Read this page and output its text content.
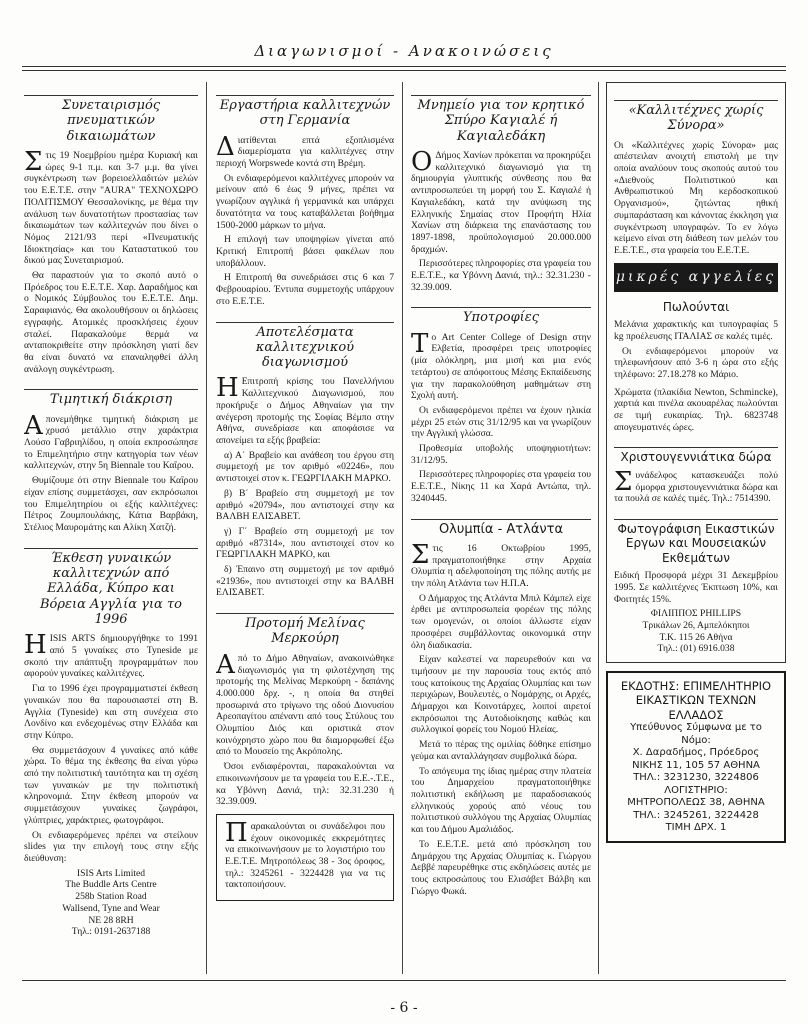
Διαγωνισμοί - Ανακοινώσεις
Συνεταιρισμός πνευματικών δικαιωμάτων

Στις 19 Νοεμβρίου ημέρα Κυριακή και ώρες 9-1 π.μ. και 3-7 μ.μ. θα γίνει συγκέντρωση των βορειοελλαδιτών μελών του Ε.Ε.Τ.Ε. στην "AURA" ΤΕΧΝΟΧΩΡΟ ΠΟΛΙΤΙΣΜΟΥ Θεσσαλονίκης, με θέμα την ανάλυση των δυνατοτήτων προστασίας των δικαιωμάτων των καλλιτεχνών που δίνει ο Νόμος 2121/93 περί «Πνευματικής Ιδιοκτησίας» και του Καταστατικού του δικού μας Συνεταιρισμού.

Θα παραστούν για το σκοπό αυτό ο Πρόεδρος του Ε.Ε.Τ.Ε. Χαρ. Δαραδήμος και ο Νομικός Σύμβουλος του Ε.Ε.Τ.Ε. Δημ. Σαραφιανός. Θα ακολουθήσουν οι δηλώσεις εγγραφής. Ατομικές προσκλήσεις έχουν σταλεί. Παρακαλούμε θερμά να ανταποκριθείτε στην πρόσκληση γιατί δεν θα είναι δυνατό να επαναληφθεί άλλη ανάλογη συγκέντρωση.

Τιμητική διάκριση

Απονεμήθηκε τιμητική διάκριση με χρυσό μετάλλιο στην χαράκτρια Λούσο Γαβριηλίδου, η οποία εκπροσώπησε το Επιμελητήριο στην κατηγορία των νέων καλλιτεχνών, στην 5η Biennale του Καΐρου.

Θυμίζουμε ότι στην Biennale του Καΐρου είχαν επίσης συμμετάσχει, σαν εκπρόσωποι του Επιμελητηρίου οι εξής καλλιτέχνες: Πέτρος Ζουμπουλάκης, Κάτια Βαρβάκη, Στέλιος Μαυρομάτης και Αλίκη Χατζή.

Έκθεση γυναικών καλλιτεχνών από Ελλάδα, Κύπρο και Βόρεια Αγγλία για το 1996

ΗISIS ARTS δημιουργήθηκε το 1991 από 5 γυναίκες στο Tyneside με σκοπό την απάπτυξη προγραμμάτων που αφορούν γυναίκες καλλιτέχνες.

Για το 1996 έχει προγραμματιστεί έκθεση γυναικών που θα παρουσιαστεί στη Β. Αγγλία (Tyneside) και στη συνέχεια στο Λονδίνο και ενδεχομένως στην Ελλάδα και στην Κύπρο.

Θα συμμετάσχουν 4 γυναίκες από κάθε χώρα. Το θέμα της έκθεσης θα είναι γύρω από την πολιτιστική ταυτότητα και τη σχέση των γυναικών με την πολιτιστική κληρονομιά. Στην έκθεση μπορούν να συμμετάσχουν γυναίκες ζωγράφοι, γλύπτριες, χαράκτριες, φωτογράφοι.

Οι ενδιαφερόμενες πρέπει να στείλουν slides για την επιλογή τους στην εξής διεύθυνση:

ISIS Arts Limited
The Buddle Arts Centre
258b Station Road
Wallsend, Tyne and Wear
NE 28 8RH
Τηλ.: 0191-2637188
Εργαστήρια καλλιτεχνών στη Γερμανία

Διατίθενται επτά εξοπλισμένα διαμερίσματα για καλλιτέχνες στην περιοχή Worpswede κοντά στη Βρέμη.

Οι ενδιαφερόμενοι καλλιτέχνες μπορούν να μείνουν από 6 έως 9 μήνες, πρέπει να γνωρίζουν αγγλικά ή γερμανικά και υπάρχει δυνατότητα να τους καταβάλλεται βοήθημα 1500-2000 μάρκων το μήνα.

Η επιλογή των υποψηφίων γίνεται από Κριτική Επιτροπή βάσει φακέλων που υποβάλλουν.

Η Επιτροπή θα συνεδριάσει στις 6 και 7 Φεβρουαρίου. Έντυπα συμμετοχής υπάρχουν στο Ε.Ε.Τ.Ε.

Αποτελέσματα καλλιτεχνικού διαγωνισμού

Η Επιτροπή κρίσης του Πανελλήνιου Καλλιτεχνικού Διαγωνισμού, που προκήρυξε ο Δήμος Αθηναίων για την ανέγερση προτομής της Σοφίας Βέμπο στην Αθήνα, συνεδρίασε και αποφάσισε να απονείμει τα εξής βραβεία:

α) Α΄ Βραβείο και ανάθεση του έργου στη συμμετοχή με τον αριθμό «02246», που αντιστοιχεί στον κ. ΓΕΩΡΓΙΛΑΚΗ ΜΑΡΚΟ.

β) Β΄ Βραβείο στη συμμετοχή με τον αριθμό «20794», που αντιστοιχεί στην κα ΒΑΛΒΗ ΕΛΙΣΑΒΕΤ.

γ) Γ΄ Βραβείο στη συμμετοχή με τον αριθμό «87314», που αντιστοιχεί στον κο ΓΕΩΡΓΙΛΑΚΗ ΜΑΡΚΟ, και

δ) Έπαινο στη συμμετοχή με τον αριθμό «21936», που αντιστοιχεί στην κα ΒΑΛΒΗ ΕΛΙΣΑΒΕΤ.

Προτομή Μελίνας Μερκούρη

Από το Δήμο Αθηναίων, ανακοινώθηκε διαγωνισμός για τη φιλοτέχνηση της προτομής της Μελίνας Μερκούρη - δαπάνης 4.000.000 δρχ. -, η οποία θα στηθεί προσωρινά στο τρίγωνο της οδού Διονυσίου Αρεοπαγίτου απέναντι από τους Στύλους του Ολυμπίου Διός και οριστικά στον κοινόχρηστο χώρο που θα διαμορφωθεί έξω από το Μουσείο της Ακρόπολης.

Όσοι ενδιαφέρονται, παρακαλούνται να επικοινωνήσουν με τα γραφεία του Ε.Ε.-.Τ.Ε., κα Υβόννη Δανιά, τηλ: 32.31.230 ή 32.39.009.

Παρακαλούνται οι συνάδελφοι που έχουν οικονομικές εκκρεμότητες να επικοινωνήσουν με το λογιστήριο του Ε.Ε.Τ.Ε. Μητροπόλεως 38 - 3ος όροφος, τηλ.: 3245261 - 3224428 για να τις τακτοποιήσουν.

Μνημείο για τον κρητικό Σπύρο Καγιαλέ ή Καγιαλεδάκη

Ο Δήμος Χανίων πρόκειται να προκηρύξει καλλιτεχνικό διαγωνισμό για τη δημιουργία γλυπτικής σύνθεσης που θα αντιπροσωπεύει τη μορφή του Σ. Καγιαλέ ή Καγιαλεδάκη, κατά την ανύψωση της Ελληνικής Σημαίας στον Προφήτη Ηλία Χανίων στη διάρκεια της επανάστασης του 1897-1898, προϋπολογισμού 20.000.000 δραχμών.

Περισσότερες πληροφορίες στα γραφεία του Ε.Ε.Τ.Ε., κα Υβόννη Δανιά, τηλ.: 32.31.230 - 32.39.009.

Υποτροφίες

Το Art Center College of Design στην Ελβετία, προσφέρει τρεις υποτροφίες (μία ολόκληρη, μια μισή και μια ενός τετάρτου) σε απόφοιτους Μέσης Εκπαίδευσης για την παρακολούθηση μαθημάτων στη Σχολή αυτή.

Οι ενδιαφερόμενοι πρέπει να έχουν ηλικία μέχρι 25 ετών στις 31/12/95 και να γνωρίζουν την Αγγλική γλώσσα.

Προθεσμία υποβολής υποψηφιοτήτων: 31/12/95.

Περισσότερες πληροφορίες στα γραφεία του Ε.Ε.Τ.Ε., Νίκης 11 κα Χαρά Αντώπα, τηλ. 3240445.

Ολυμπία - Ατλάντα

Στις 16 Οκτωβρίου 1995, πραγματοποιήθηκε στην Αρχαία Ολυμπία η αδελφοποίηση της πόλης αυτής με την πόλη Ατλάντα των Η.Π.Α.

Ο Δήμαρχος της Ατλάντα Μπιλ Κάμπελ είχε έρθει με αντιπροσωπεία φορέων της πόλης των ομογενών, οι οποίοι άλλωστε είχαν προσφέρει συμβάλλοντας οικονομικά στην όλη διαδικασία.

Είχαν καλεστεί να παρευρεθούν και να τιμήσουν με την παρουσία τους εκτός από τους κατοίκους της Αρχαίας Ολυμπίας και των περιχώρων, Βουλευτές, ο Νομάρχης, οι Αρχές, Δήμαρχοι και Κοινοτάρχες, λοιποί αιρετοί εκπρόσωποι της Αυτοδιοίκησης καθώς και συλλογικοί φορείς του Νομού Ηλείας.

Μετά το πέρας της ομιλίας δόθηκε επίσημο γεύμα και ανταλλάγησαν συμβολικά δώρα.

Το απόγευμα της ίδιας ημέρας στην πλατεία του Δημαρχείου πραγματοποιήθηκε πολιτιστική εκδήλωση με παραδοσιακούς ελληνικούς χορούς από νέους του πολιτιστικού συλλόγου της Αρχαίας Ολυμπίας και του Δήμου Αμαλιάδος.

Το Ε.Ε.Τ.Ε. μετά από πρόσκληση του Δημάρχου της Αρχαίας Ολυμπίας κ. Γιώργου Δεββέ παρευρέθηκε στις εκδηλώσεις αυτές με τους εκπροσώπους του Ελισάβετ Βάλβη και Γιώργο Φωκά.

«Καλλιτέχνες χωρίς Σύνορα»

Οι «Καλλιτέχνες χωρίς Σύνορα» μας απέστειλαν ανοιχτή επιστολή με την οποία αναλύουν τους σκοπούς αυτού του «Διεθνούς Πολιτιστικού και Ανθρωπιστικού Μη κερδοσκοπικού Οργανισμού», ζητώντας ηθική συμπαράσταση και κάνοντας έκκληση για συγκέντρωση υπογραφών. Το εν λόγω κείμενο είναι στη διάθεση των μελών του Ε.Ε.Τ.Ε., στα γραφεία του Ε.Ε.Τ.Ε.

μικρές αγγελίες
Πωλούνται

Μελάνια χαρακτικής και τυπογραφίας 5 kg προέλευσης ΙΤΑΛΙΑΣ σε καλές τιμές.

Οι ενδιαφερόμενοι μπορούν να τηλεφωνήσουν από 3-6 η ώρα στο εξής τηλέφωνο: 27.18.278 κο Μάριο.

Χρώματα (πλακίδια Newton, Schmincke), χαρτιά και πινέλα ακουαρέλας πωλούνται σε τιμή ευκαιρίας. Τηλ. 6823748 απογευματινές ώρες.

Χριστουγεννιάτικα δώρα

Συνάδελφος κατασκευάζει πολύ όμορφα χριστουγεννιάτικα δώρα και τα πουλά σε καλές τιμές. Τηλ.: 7514390.

Φωτογράφιση Εικαστικών Εργων και Μουσειακών Εκθεμάτων

Ειδική Προσφορά μέχρι 31 Δεκεμβρίου 1995. Σε καλλιτέχνες Έκπτωση 10%, και Φοιτητές 15%.

ΦΙΛΙΠΠΟΣ PHILLIPS
Τρικάλων 26, Αμπελόκηποι
Τ.Κ. 115 26 Αθήνα
Τηλ.: (01) 6916.038
ΕΚΔΟΤΗΣ: ΕΠΙΜΕΛΗΤΗΡΙΟ
ΕΙΚΑΣΤΙΚΩΝ ΤΕΧΝΩΝ
ΕΛΛΑΔΟΣ
Υπεύθυνος Σύμφωνα με το Νόμο:
Χ. Δαραδήμος, Πρόεδρος
ΝΙΚΗΣ 11, 105 57 ΑΘΗΝΑ
ΤΗΛ.: 3231230, 3224806
ΛΟΓΙΣΤΗΡΙΟ:
ΜΗΤΡΟΠΟΛΕΩΣ 38, ΑΘΗΝΑ
ΤΗΛ.: 3245261, 3224428
ΤΙΜΗ ΔΡΧ. 1
- 6 -
